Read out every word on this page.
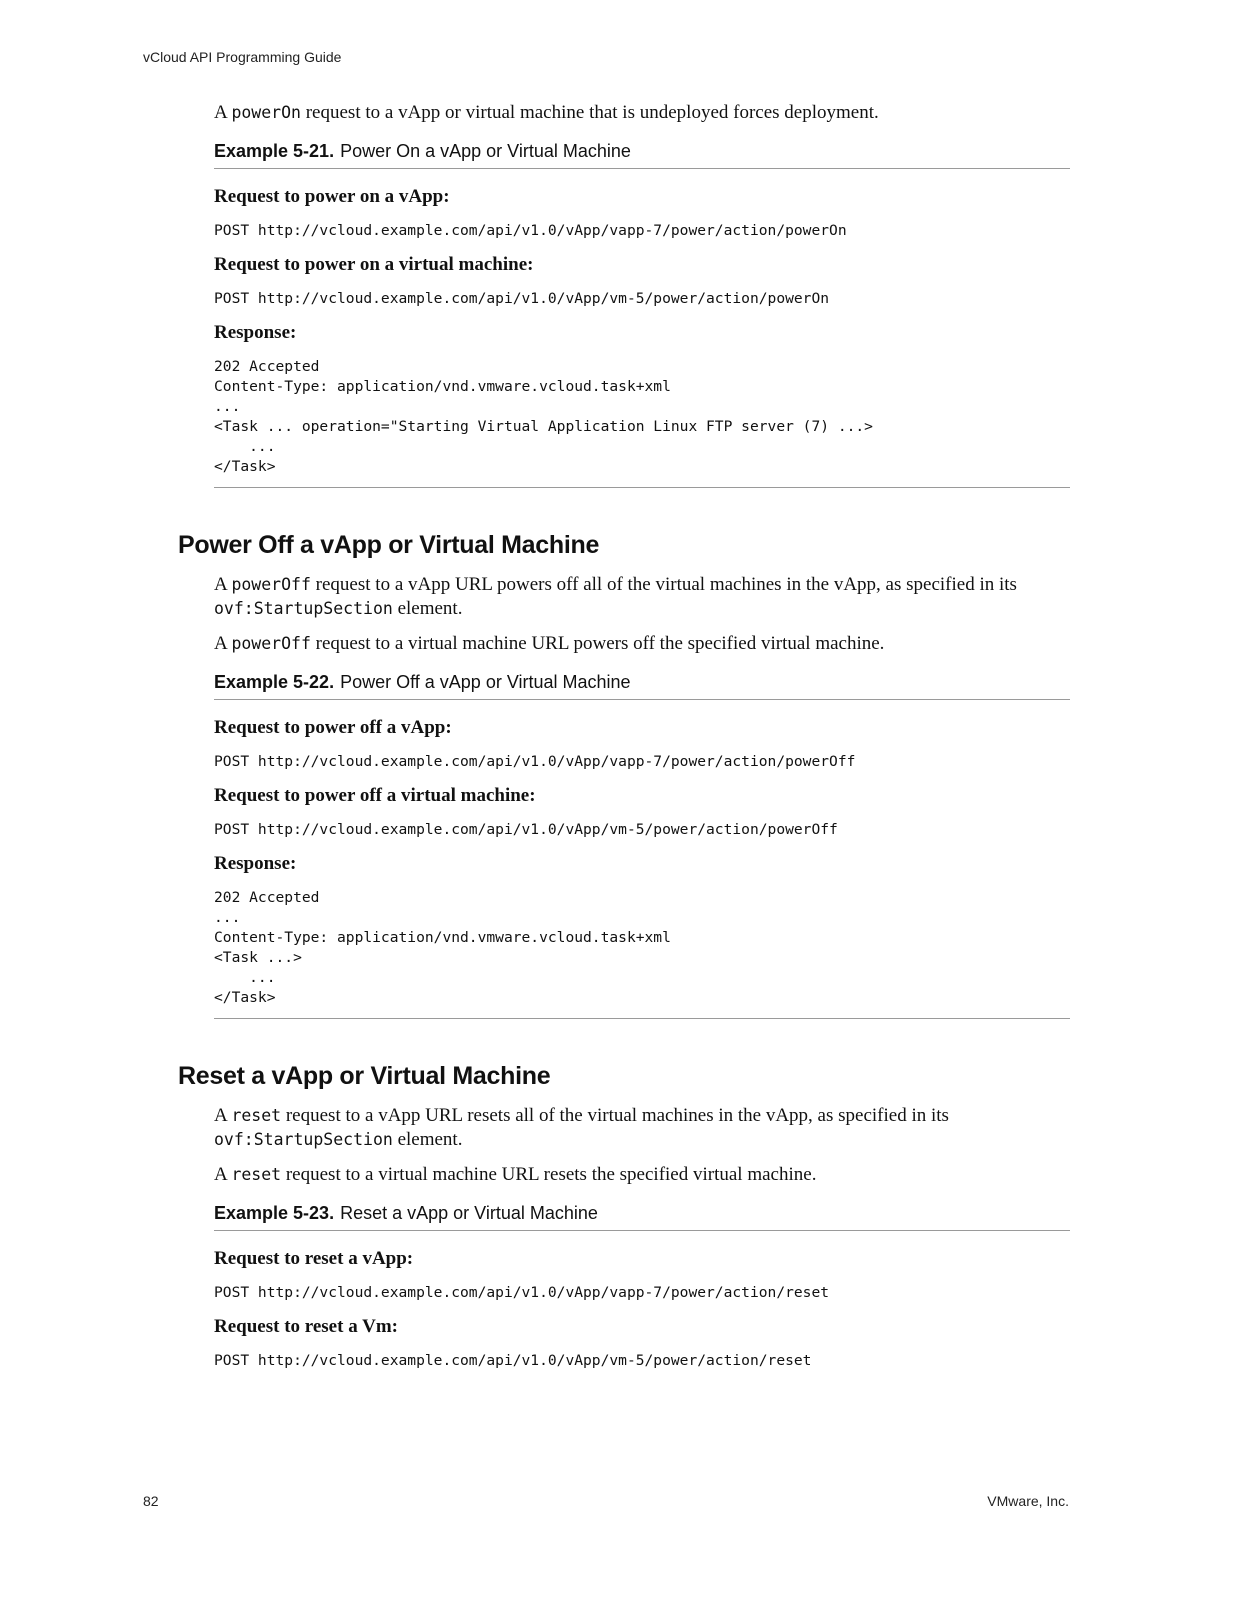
vCloud API Programming Guide

A powerOn request to a vApp or virtual machine that is undeployed forces deployment.

Example 5-21. Power On a vApp or Virtual Machine

Request to power on a vApp:

POST http://vcloud.example.com/api/v1.0/vApp/vapp-7/power/action/powerOn

Request to power on a virtual machine:

POST http://vcloud.example.com/api/v1.0/vApp/vm-5/power/action/powerOn

Response:

202 Accepted
Content-Type: application/vnd.vmware.vcloud.task+xml
...
<Task ... operation="Starting Virtual Application Linux FTP server (7) ...>
...
</Task>
Power Off a vApp or Virtual Machine

A powerOff request to a vApp URL powers off all of the virtual machines in the vApp, as specified in its
ovf:StartupSection element.

A powerOff request to a virtual machine URL powers off the specified virtual machine.

Example 5-22. Power Off a vApp or Virtual Machine

Request to power off a vApp:

POST http://vcloud.example.com/api/v1.0/vApp/vapp-7/power/action/powerOff

Request to power off a virtual machine:

POST http://vcloud.example.com/api/v1.0/vApp/vm-5/power/action/powerOff

Response:

202 Accepted
...
Content-Type: application/vnd.vmware.vcloud.task+xml
<Task ...>
...
</Task>
Reset a vApp or Virtual Machine

A reset request to a vApp URL resets all of the virtual machines in the vApp, as specified in its
ovf:StartupSection element.

A reset request to a virtual machine URL resets the specified virtual machine.

Example 5-23. Reset a vApp or Virtual Machine

Request to reset a vApp:

POST http://vcloud.example.com/api/v1.0/vApp/vapp-7/power/action/reset

Request to reset a Vm:

POST http://vcloud.example.com/api/v1.0/vApp/vm-5/power/action/reset
82	VMware, Inc.
